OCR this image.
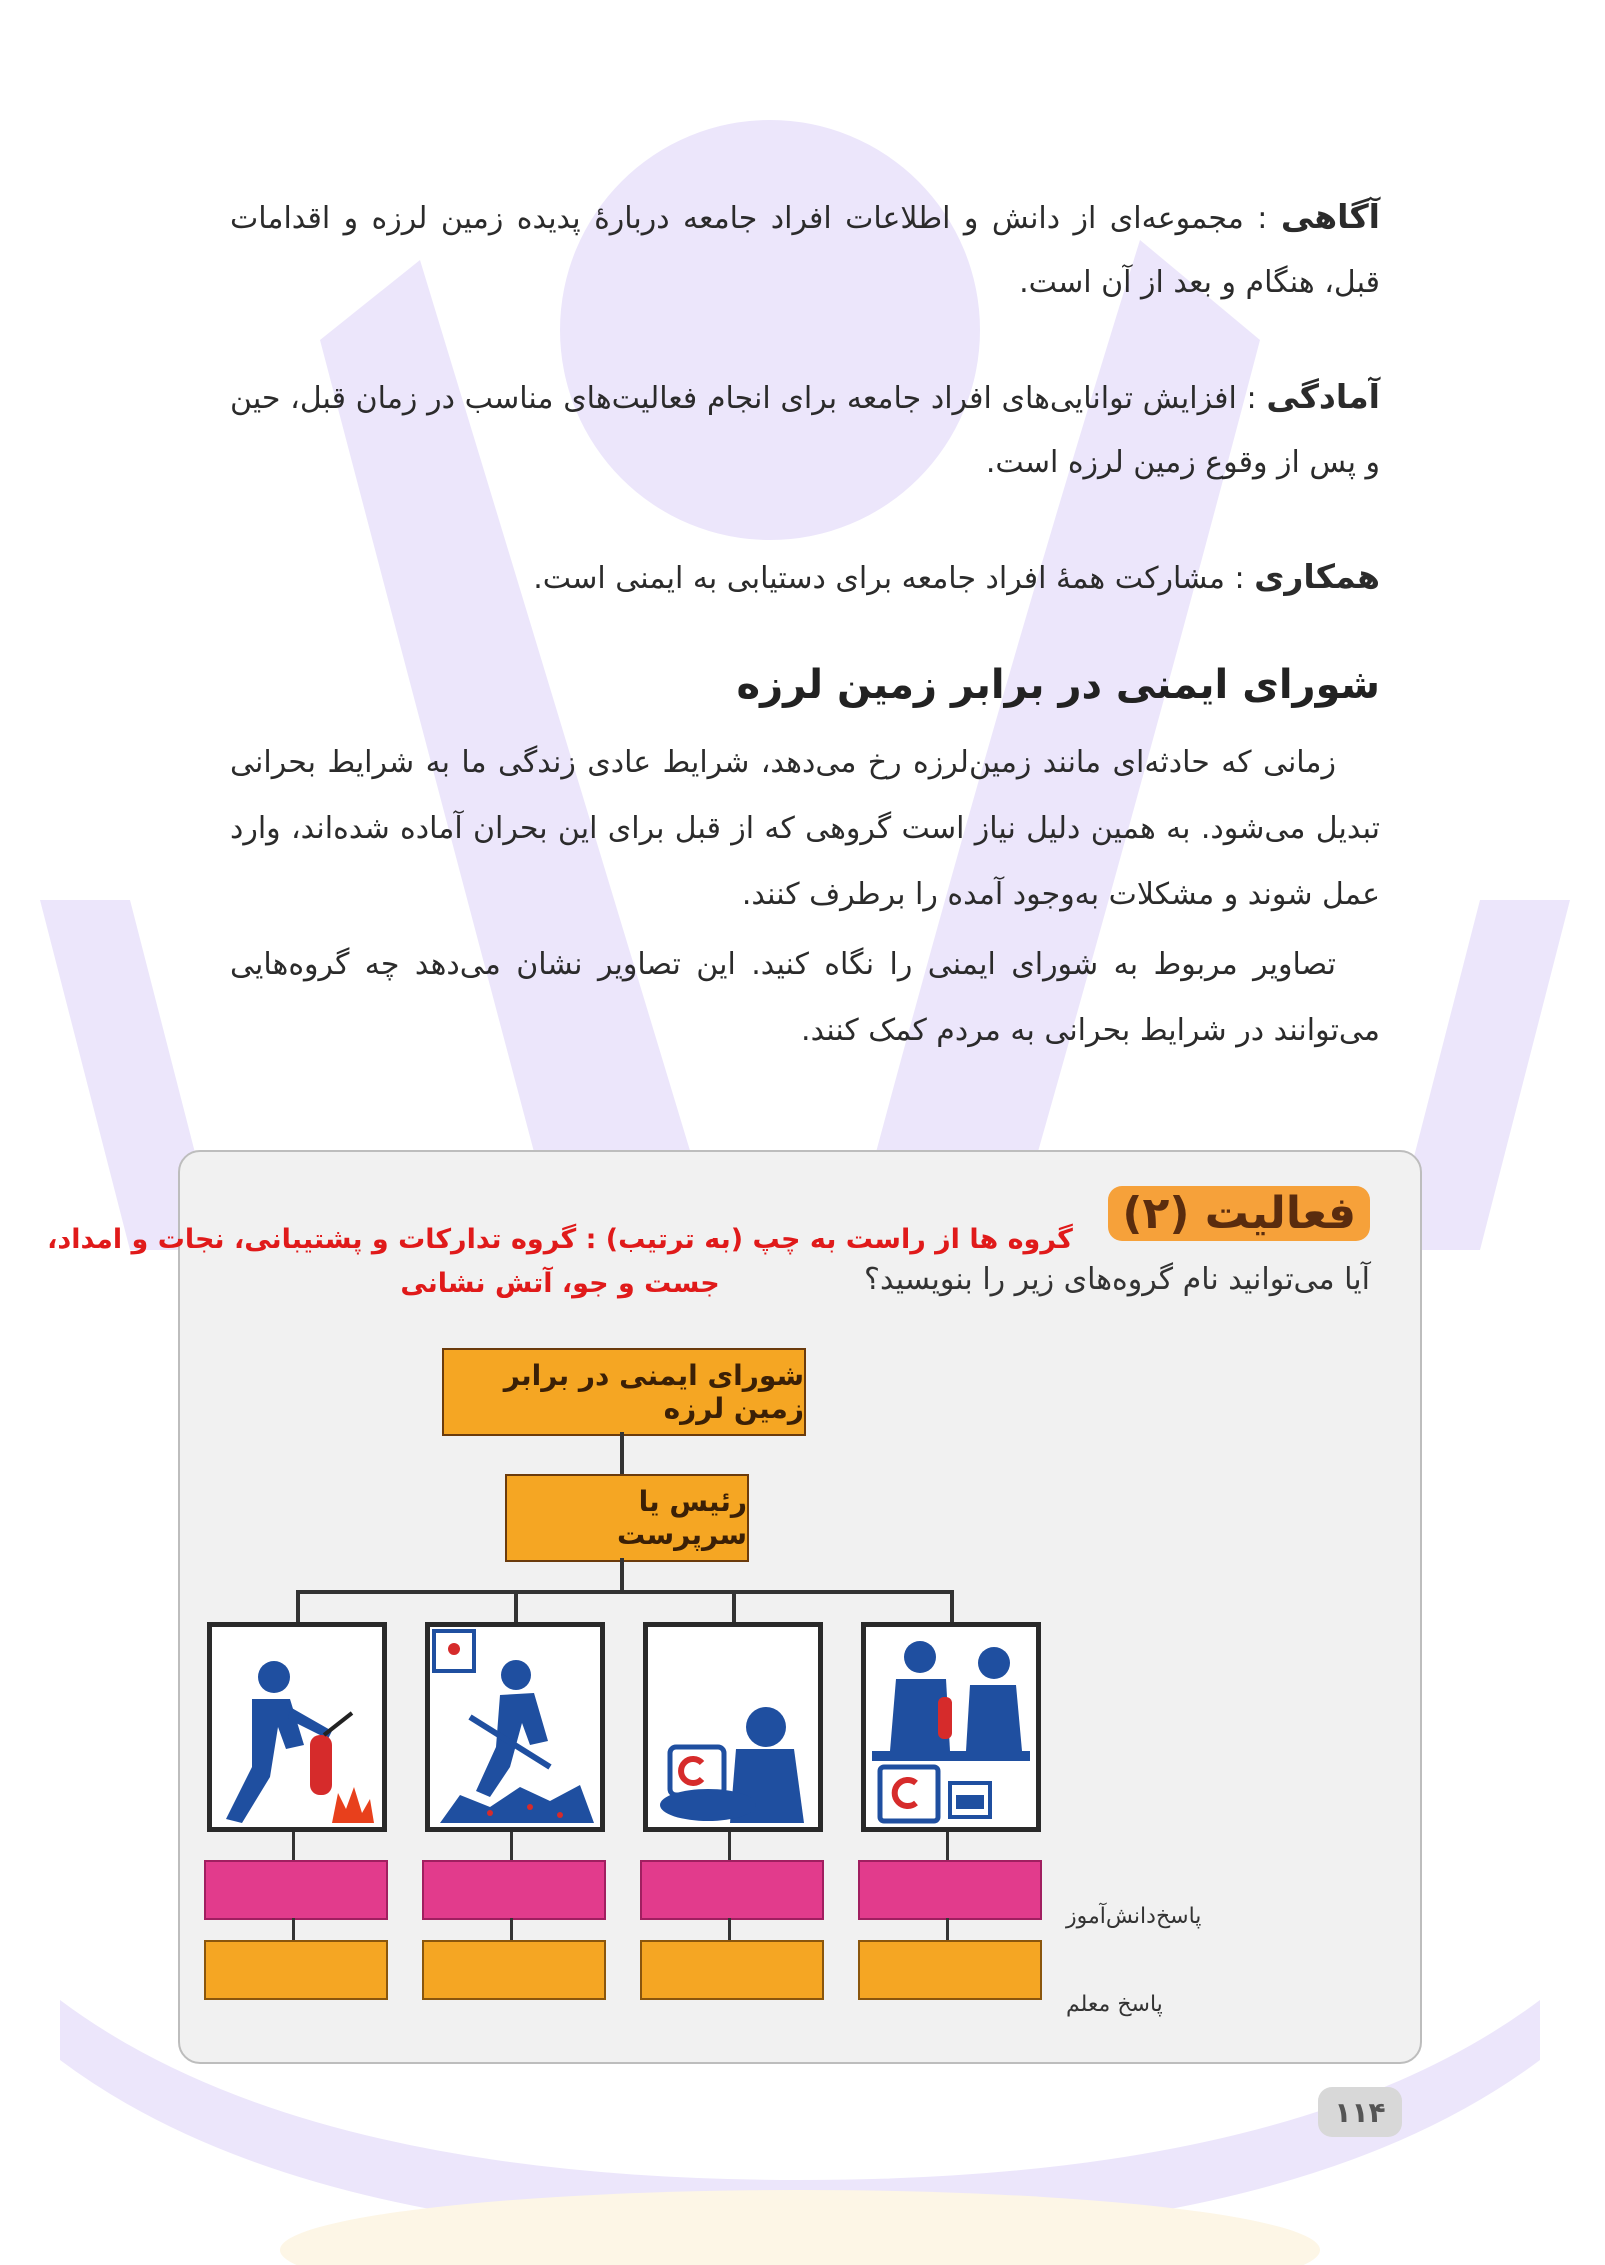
آگاهی : مجموعه‌ای از دانش و اطلاعات افراد جامعه دربارهٔ پدیده زمین لرزه و اقدامات قبل، هنگام و بعد از آن است.
آمادگی : افزایش توانایی‌های افراد جامعه برای انجام فعالیت‌های مناسب در زمان قبل، حین و پس از وقوع زمین لرزه است.
همکاری : مشارکت همهٔ افراد جامعه برای دستیابی به ایمنی است.
شورای ایمنی در برابر زمین لرزه
زمانی که حادثه‌ای مانند زمین‌لرزه رخ می‌دهد، شرایط عادی زندگی ما به شرایط بحرانی تبدیل می‌شود. به همین دلیل نیاز است گروهی که از قبل برای این بحران آماده شده‌اند، وارد عمل شوند و مشکلات به‌وجود آمده را برطرف کنند.
تصاویر مربوط به شورای ایمنی را نگاه کنید. این تصاویر نشان می‌دهد چه گروه‌هایی می‌توانند در شرایط بحرانی به مردم کمک کنند.
فعالیت (۲)
گروه ها از راست به چپ (به ترتیب) : گروه تدارکات و پشتیبانی، نجات و امداد، جست و جو، آتش نشانی	آیا می‌توانید نام گروه‌های زیر را بنویسید؟
شورای ایمنی در برابر زمین لرزه
رئیس یا سرپرست
پاسخ‌دانش‌آموز
پاسخ معلم
۱۱۴
